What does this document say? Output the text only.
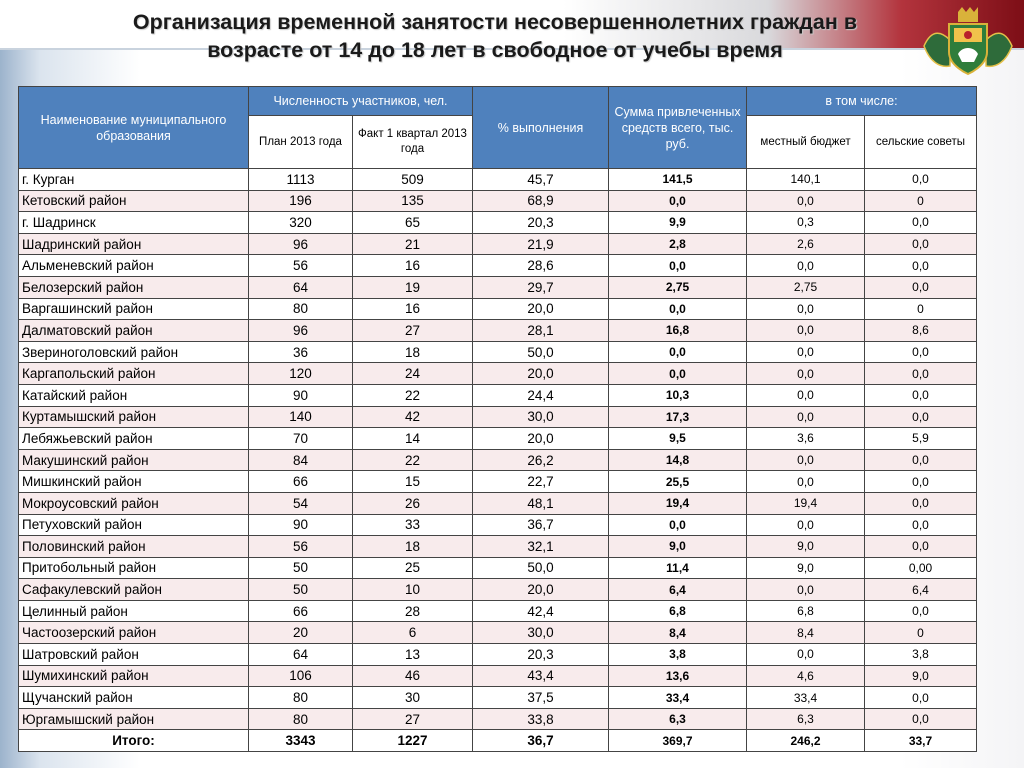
Организация временной занятости несовершеннолетних граждан в
возрасте от 14 до 18 лет в свободное от учебы время
Наименование муниципального образования	Численность участников, чел.		% выполнения	Сумма привлеченных средств всего, тыс. руб.	в том числе:	
	План 2013 года	Факт 1 квартал 2013 года			местный бюджет	сельские советы
г. Курган	1113	509	45,7	141,5	140,1	0,0
Кетовский район	196	135	68,9	0,0	0,0	0
г. Шадринск	320	65	20,3	9,9	0,3	0,0
Шадринский район	96	21	21,9	2,8	2,6	0,0
Альменевский район	56	16	28,6	0,0	0,0	0,0
Белозерский район	64	19	29,7	2,75	2,75	0,0
Варгашинский район	80	16	20,0	0,0	0,0	0
Далматовский район	96	27	28,1	16,8	0,0	8,6
Звериноголовский район	36	18	50,0	0,0	0,0	0,0
Каргапольский район	120	24	20,0	0,0	0,0	0,0
Катайский район	90	22	24,4	10,3	0,0	0,0
Куртамышский район	140	42	30,0	17,3	0,0	0,0
Лебяжьевский район	70	14	20,0	9,5	3,6	5,9
Макушинский район	84	22	26,2	14,8	0,0	0,0
Мишкинский район	66	15	22,7	25,5	0,0	0,0
Мокроусовский район	54	26	48,1	19,4	19,4	0,0
Петуховский район	90	33	36,7	0,0	0,0	0,0
Половинский район	56	18	32,1	9,0	9,0	0,0
Притобольный район	50	25	50,0	11,4	9,0	0,00
Сафакулевский район	50	10	20,0	6,4	0,0	6,4
Целинный район	66	28	42,4	6,8	6,8	0,0
Частоозерский район	20	6	30,0	8,4	8,4	0
Шатровский район	64	13	20,3	3,8	0,0	3,8
Шумихинский район	106	46	43,4	13,6	4,6	9,0
Щучанский район	80	30	37,5	33,4	33,4	0,0
Юргамышский район	80	27	33,8	6,3	6,3	0,0
Итого:	3343	1227	36,7	369,7	246,2	33,7
